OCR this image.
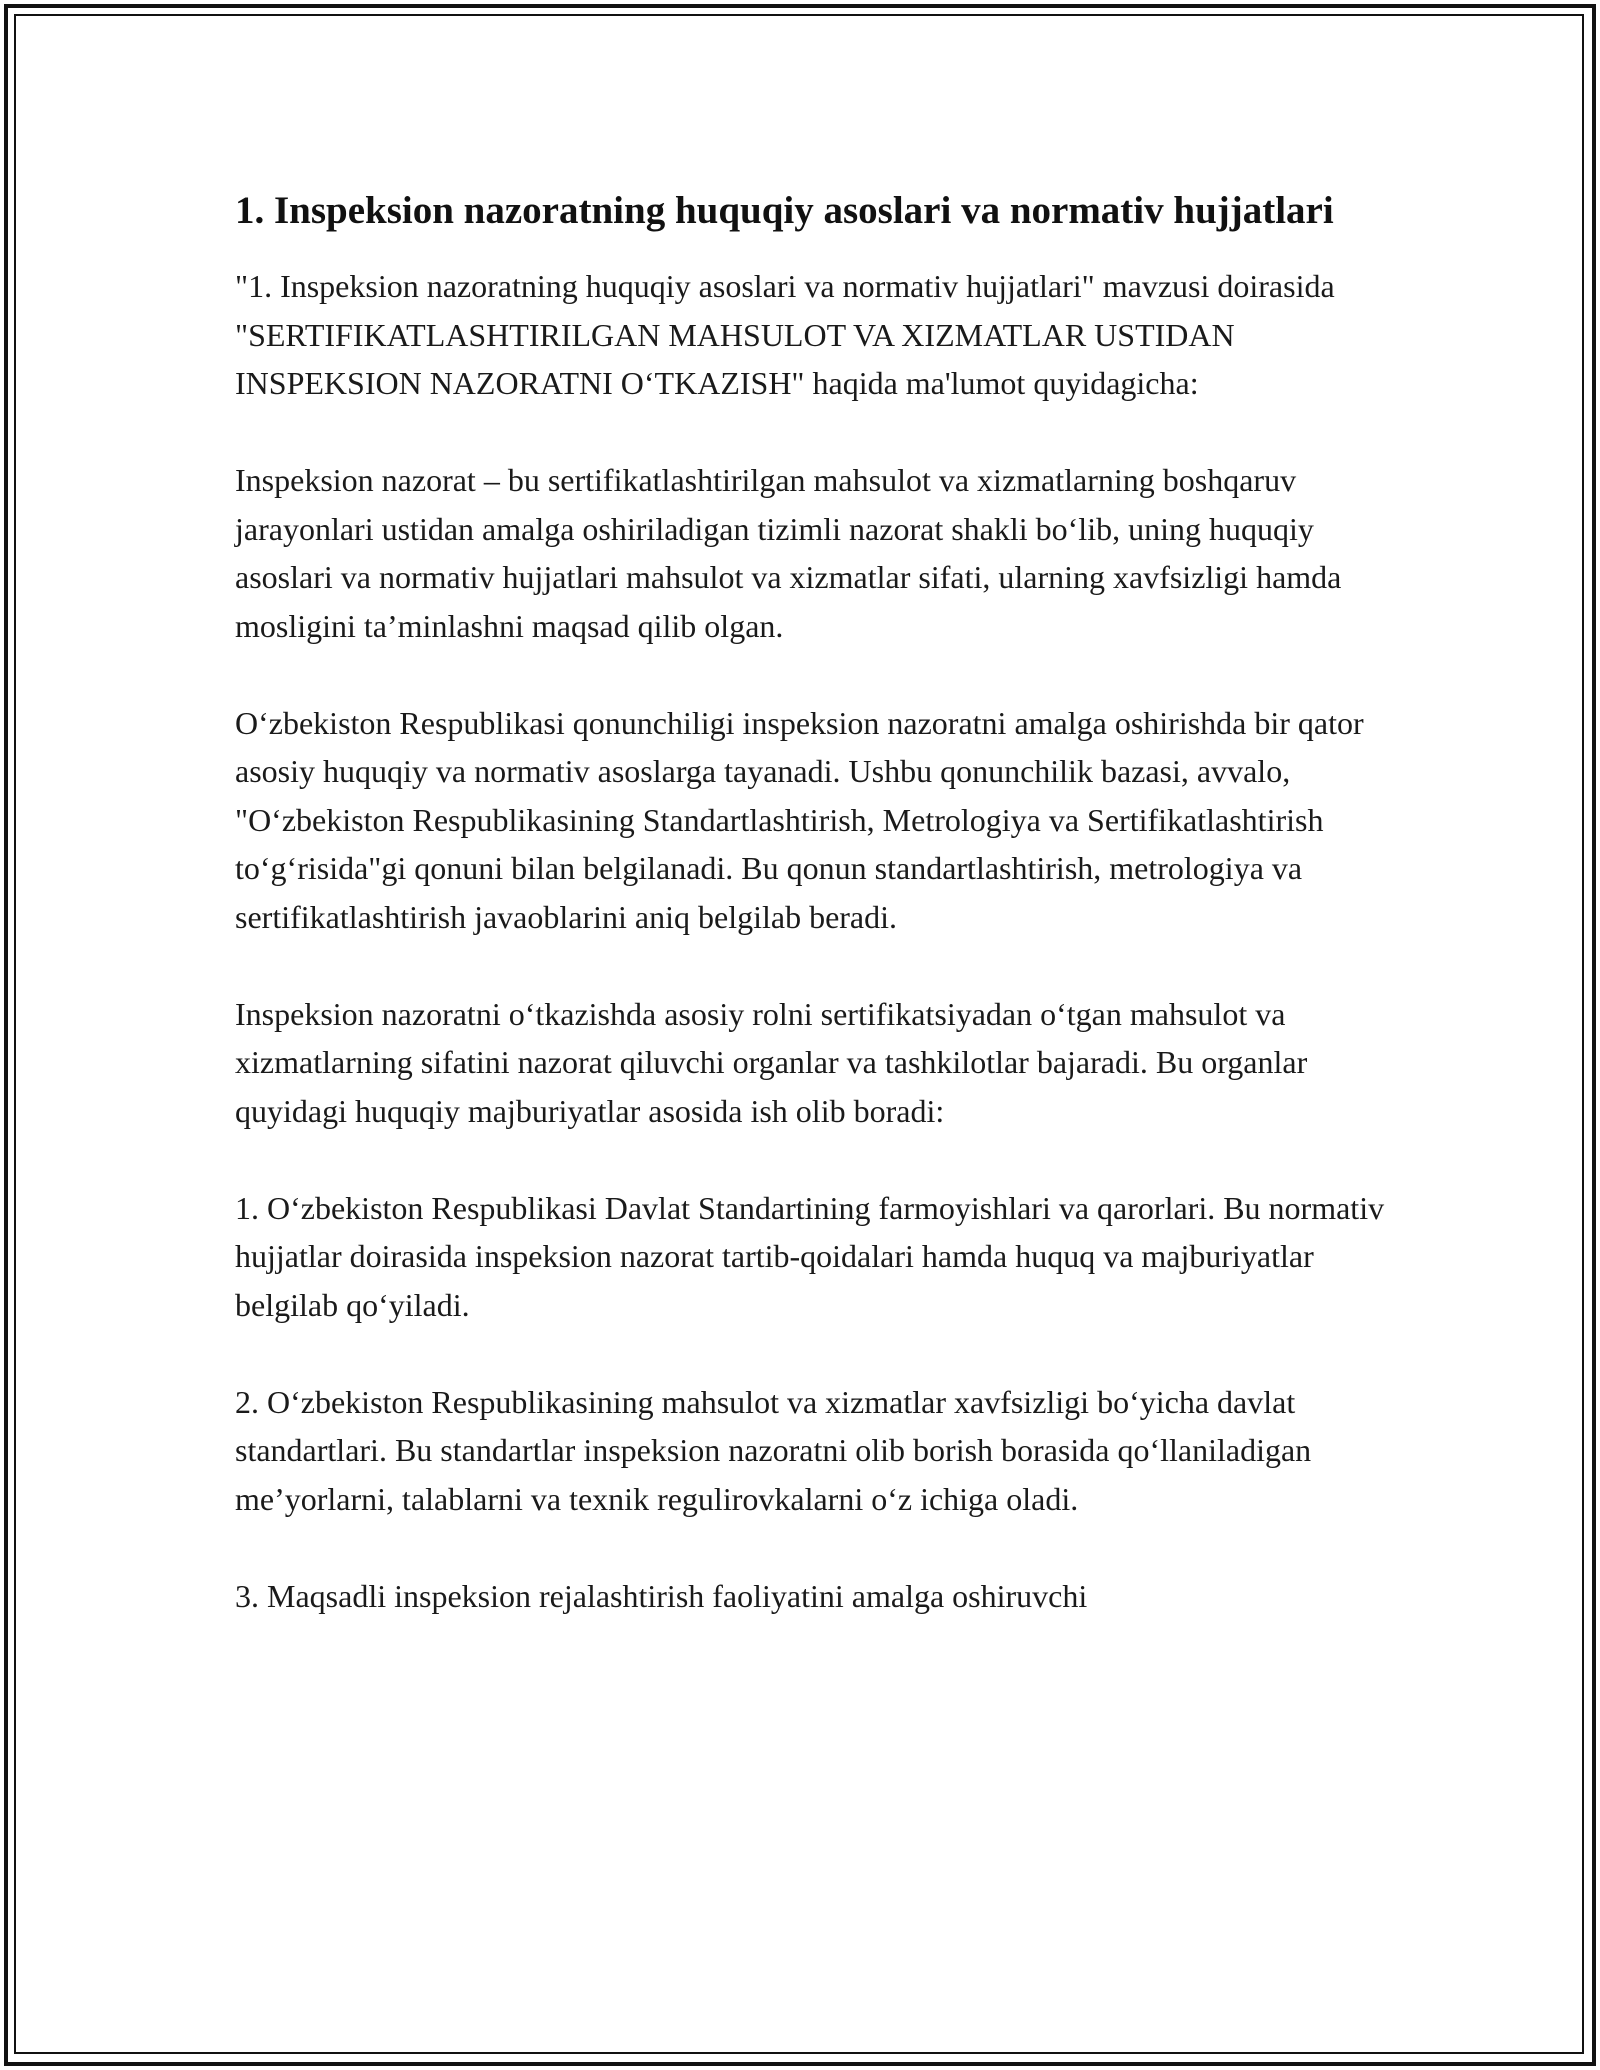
1. Inspeksion nazoratning huquqiy asoslari va normativ hujjatlari

"1. Inspeksion nazoratning huquqiy asoslari va normativ hujjatlari" mavzusi doirasida "SERTIFIKATLASHTIRILGAN MAHSULOT VA XIZMATLAR USTIDAN INSPEKSION NAZORATNI O‘TKAZISH" haqida ma'lumot quyidagicha:

Inspeksion nazorat – bu sertifikatlashtirilgan mahsulot va xizmatlarning boshqaruv jarayonlari ustidan amalga oshiriladigan tizimli nazorat shakli bo‘lib, uning huquqiy asoslari va normativ hujjatlari mahsulot va xizmatlar sifati, ularning xavfsizligi hamda mosligini ta’minlashni maqsad qilib olgan.

O‘zbekiston Respublikasi qonunchiligi inspeksion nazoratni amalga oshirishda bir qator asosiy huquqiy va normativ asoslarga tayanadi. Ushbu qonunchilik bazasi, avvalo, "O‘zbekiston Respublikasining Standartlashtirish, Metrologiya va Sertifikatlashtirish to‘g‘risida"gi qonuni bilan belgilanadi. Bu qonun standartlashtirish, metrologiya va sertifikatlashtirish javaoblarini aniq belgilab beradi.

Inspeksion nazoratni o‘tkazishda asosiy rolni sertifikatsiyadan o‘tgan mahsulot va xizmatlarning sifatini nazorat qiluvchi organlar va tashkilotlar bajaradi. Bu organlar quyidagi huquqiy majburiyatlar asosida ish olib boradi:

1. O‘zbekiston Respublikasi Davlat Standartining farmoyishlari va qarorlari. Bu normativ hujjatlar doirasida inspeksion nazorat tartib-qoidalari hamda huquq va majburiyatlar belgilab qo‘yiladi.

2. O‘zbekiston Respublikasining mahsulot va xizmatlar xavfsizligi bo‘yicha davlat standartlari. Bu standartlar inspeksion nazoratni olib borish borasida qo‘llaniladigan me’yorlarni, talablarni va texnik regulirovkalarni o‘z ichiga oladi.

3. Maqsadli inspeksion rejalashtirish faoliyatini amalga oshiruvchi
